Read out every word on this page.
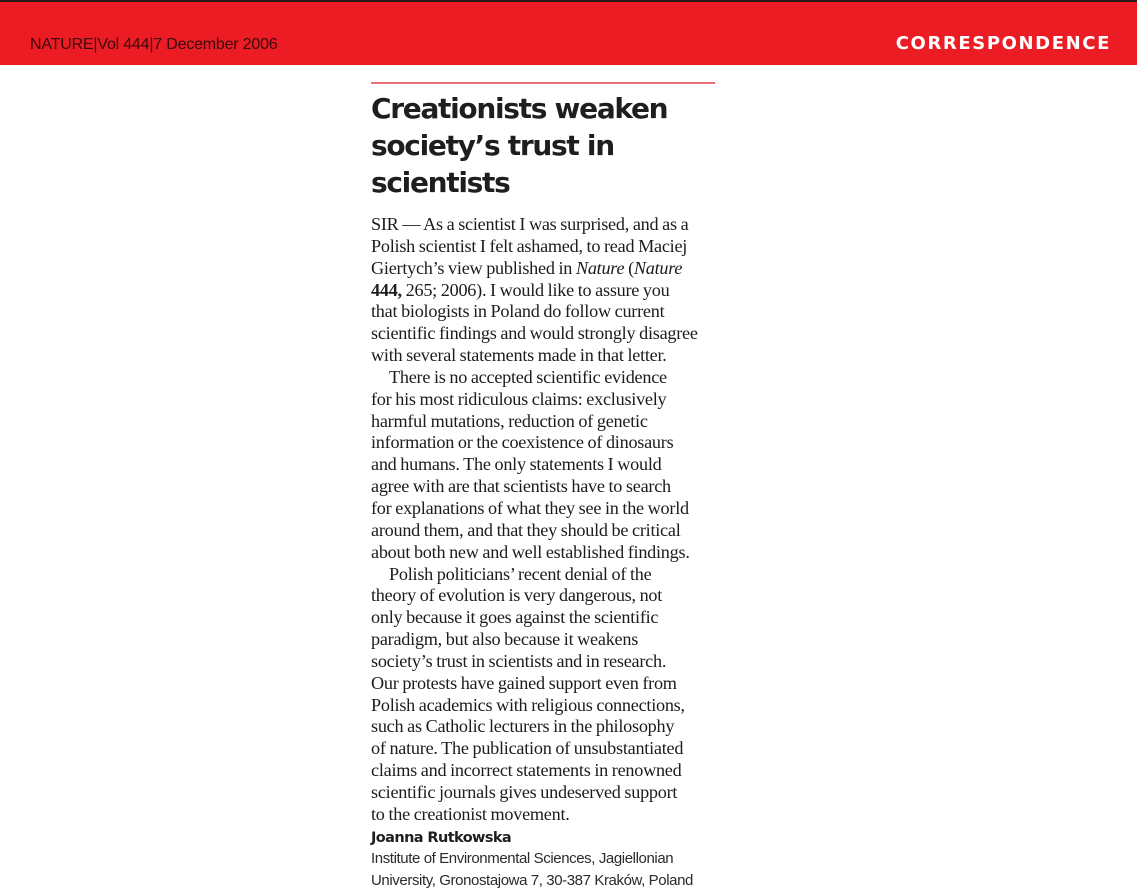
NATURE|Vol 444|7 December 2006	CORRESPONDENCE
Creationists weaken
society’s trust in scientists

SIR — As a scientist I was surprised, and as a

Polish scientist I felt ashamed, to read Maciej

Giertych’s view published in Nature (Nature

444, 265; 2006). I would like to assure you

that biologists in Poland do follow current

scientific findings and would strongly disagree

with several statements made in that letter.

There is no accepted scientific evidence

for his most ridiculous claims: exclusively

harmful mutations, reduction of genetic

information or the coexistence of dinosaurs

and humans. The only statements I would

agree with are that scientists have to search

for explanations of what they see in the world

around them, and that they should be critical

about both new and well established findings.

Polish politicians’ recent denial of the

theory of evolution is very dangerous, not

only because it goes against the scientific

paradigm, but also because it weakens

society’s trust in scientists and in research.

Our protests have gained support even from

Polish academics with religious connections,

such as Catholic lecturers in the philosophy

of nature. The publication of unsubstantiated

claims and incorrect statements in renowned

scientific journals gives undeserved support

to the creationist movement.

Joanna Rutkowska
Institute of Environmental Sciences, Jagiellonian
University, Gronostajowa 7, 30-387 Kraków, Poland
